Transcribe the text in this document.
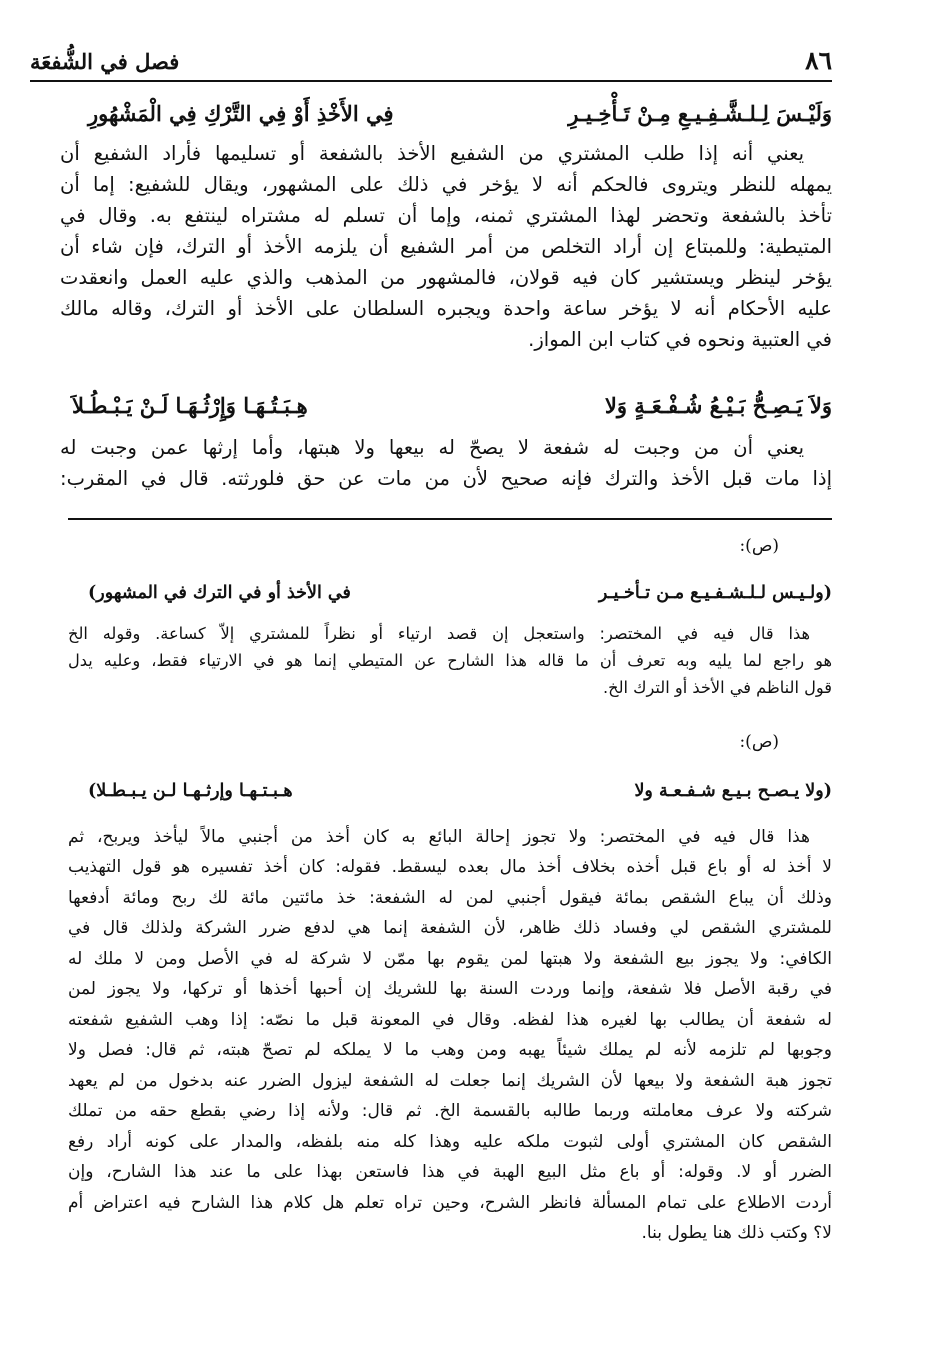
٨٦
فصل في الشُّفعَة
وَلَيْـسَ لِـلـشَّـفِـيـعِ مِـنْ تَـأْخِـيـرِ
فِي الأَخْذِ أَوْ فِي التَّرْكِ فِي الْمَشْهُورِ
يعني أنه إذا طلب المشتري من الشفيع الأخذ بالشفعة أو تسليمها فأراد الشفيع أن
يمهله للنظر ويتروى فالحكم أنه لا يؤخر في ذلك على المشهور، ويقال للشفيع: إما أن
تأخذ بالشفعة وتحضر لهذا المشتري ثمنه، وإما أن تسلم له مشتراه لينتفع به. وقال في
المتيطية: وللمبتاع إن أراد التخلص من أمر الشفيع أن يلزمه الأخذ أو الترك، فإن شاء أن
يؤخر لينظر ويستشير كان فيه قولان، فالمشهور من المذهب والذي عليه العمل وانعقدت
عليه الأحكام أنه لا يؤخر ساعة واحدة ويجبره السلطان على الأخذ أو الترك، وقاله مالك
في العتبية ونحوه في كتاب ابن المواز.
وَلاَ يَـصِـحُّ بَـيْـعُ شُـفْـعَـةٍ وَلا
هِـبَـتُـهَـا وَإِرْثُـهَـا لَـنْ يَـبْـطُـلاَ
يعني أن من وجبت له شفعة لا يصحّ له بيعها ولا هبتها، وأما إرثها عمن وجبت له
إذا مات قبل الأخذ والترك فإنه صحيح لأن من مات عن حق فلورثته. قال في المقرب:
(ص):
(ولـيـس لـلـشـفـيـع مـن تـأخـيـر
في الأخذ أو في الترك في المشهور)
هذا قال فيه في المختصر: واستعجل إن قصد ارتياء أو نظراً للمشتري إلاّ كساعة. وقوله الخ
هو راجع لما يليه وبه تعرف أن ما قاله هذا الشارح عن المتيطي إنما هو في الارتياء فقط، وعليه يدل
قول الناظم في الأخذ أو الترك الخ.
(ص):
(ولا يـصـح بـيـع شـفـعـة ولا
هـبـتـهـا وإرثـهـا لـن يـبـطـلا)
هذا قال فيه في المختصر: ولا تجوز إحالة البائع به كان أخذ من أجنبي مالاً ليأخذ ويربح، ثم
لا أخذ له أو باع قبل أخذه بخلاف أخذ مال بعده ليسقط. فقوله: كان أخذ تفسيره هو قول التهذيب
وذلك أن يباع الشقص بمائة فيقول أجنبي لمن له الشفعة: خذ مائتين مائة لك ربح ومائة أدفعها
للمشتري الشقص لي وفساد ذلك ظاهر، لأن الشفعة إنما هي لدفع ضرر الشركة ولذلك قال في
الكافي: ولا يجوز بيع الشفعة ولا هبتها لمن يقوم بها ممّن لا شركة له في الأصل ومن لا ملك له
في رقبة الأصل فلا شفعة، وإنما وردت السنة بها للشريك إن أحبها أخذها أو تركها، ولا يجوز لمن
له شفعة أن يطالب بها لغيره هذا لفظه. وقال في المعونة قبل ما نصّه: إذا وهب الشفيع شفعته
وجوبها لم تلزمه لأنه لم يملك شيئاً يهبه ومن وهب ما لا يملكه لم تصحّ هبته، ثم قال: فصل ولا
تجوز هبة الشفعة ولا بيعها لأن الشريك إنما جعلت له الشفعة ليزول الضرر عنه بدخول من لم يعهد
شركته ولا عرف معاملته وربما طالبه بالقسمة الخ. ثم قال: ولأنه إذا رضي بقطع حقه من تملك
الشقص كان المشتري أولى لثبوت ملكه عليه وهذا كله منه بلفظه، والمدار على كونه أراد رفع
الضرر أو لا. وقوله: أو باع مثل البيع الهبة في هذا فاستعن بهذا على ما عند هذا الشارح، وإن
أردت الاطلاع على تمام المسألة فانظر الشرح، وحين تراه تعلم هل كلام هذا الشارح فيه اعتراض أم
لا؟ وكتب ذلك هنا يطول بنا.
